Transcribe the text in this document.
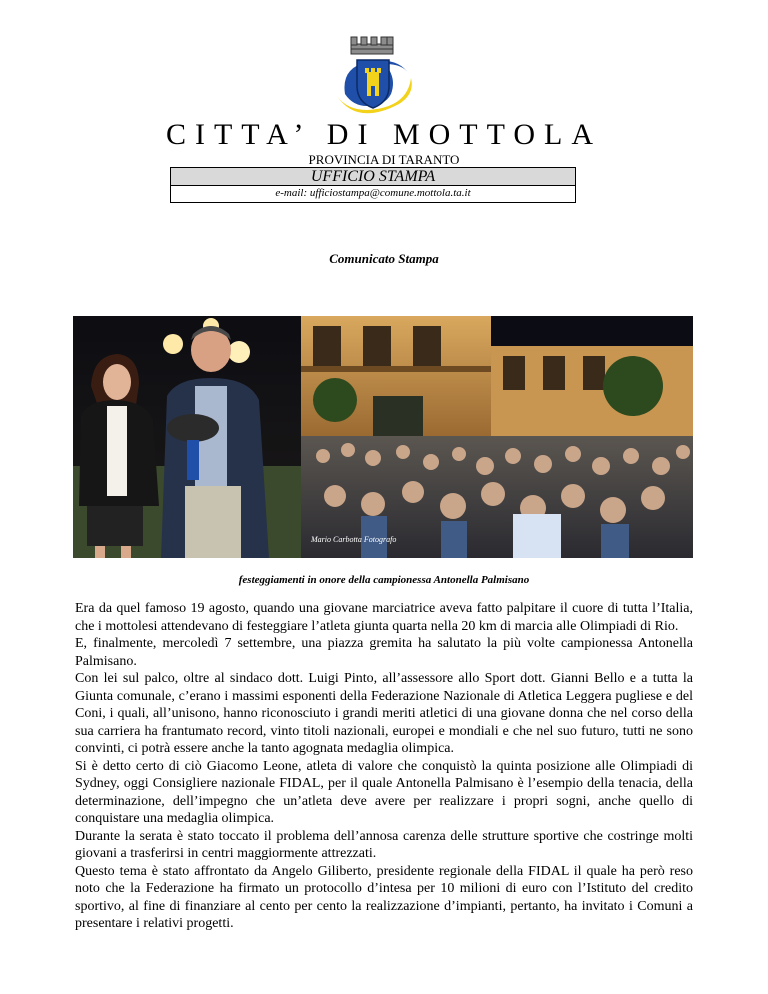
CITTA’ DI MOTTOLA
PROVINCIA DI TARANTO
UFFICIO STAMPA
e-mail: ufficiostampa@comune.mottola.ta.it
Comunicato Stampa
Mario Carbotta Fotografo
festeggiamenti in onore della campionessa Antonella Palmisano

Era da quel famoso 19 agosto, quando una giovane marciatrice aveva fatto palpitare il cuore di tutta l’Italia, che i mottolesi attendevano di festeggiare l’atleta giunta quarta nella 20 km di marcia alle Olimpiadi di Rio.

E, finalmente, mercoledì 7 settembre, una piazza gremita ha salutato la più volte campionessa Antonella Palmisano.

Con lei sul palco, oltre al sindaco dott. Luigi Pinto, all’assessore allo Sport dott. Gianni Bello e a tutta la Giunta comunale, c’erano i massimi esponenti della Federazione Nazionale di Atletica Leggera pugliese e del Coni, i quali, all’unisono, hanno riconosciuto i grandi meriti atletici di una giovane donna che nel corso della sua carriera ha frantumato record, vinto titoli nazionali, europei e mondiali e che nel suo futuro, tutti ne sono convinti, ci potrà essere anche la tanto agognata medaglia olimpica.

Si è detto certo di ciò Giacomo Leone, atleta di valore che conquistò la quinta posizione alle Olimpiadi di Sydney, oggi Consigliere nazionale FIDAL, per il quale Antonella Palmisano è l’esempio della tenacia, della determinazione, dell’impegno che un’atleta deve avere per realizzare i propri sogni, anche quello di conquistare una medaglia olimpica.

Durante la serata è stato toccato il problema dell’annosa carenza delle strutture sportive che costringe molti giovani a trasferirsi in centri maggiormente attrezzati.

Questo tema è stato affrontato da Angelo Giliberto, presidente regionale della FIDAL il quale ha però reso noto che la Federazione ha firmato un protocollo d’intesa per 10 milioni di euro con l’Istituto del credito sportivo, al fine di finanziare al cento per cento la realizzazione d’impianti, pertanto, ha invitato i Comuni a presentare i relativi progetti.
